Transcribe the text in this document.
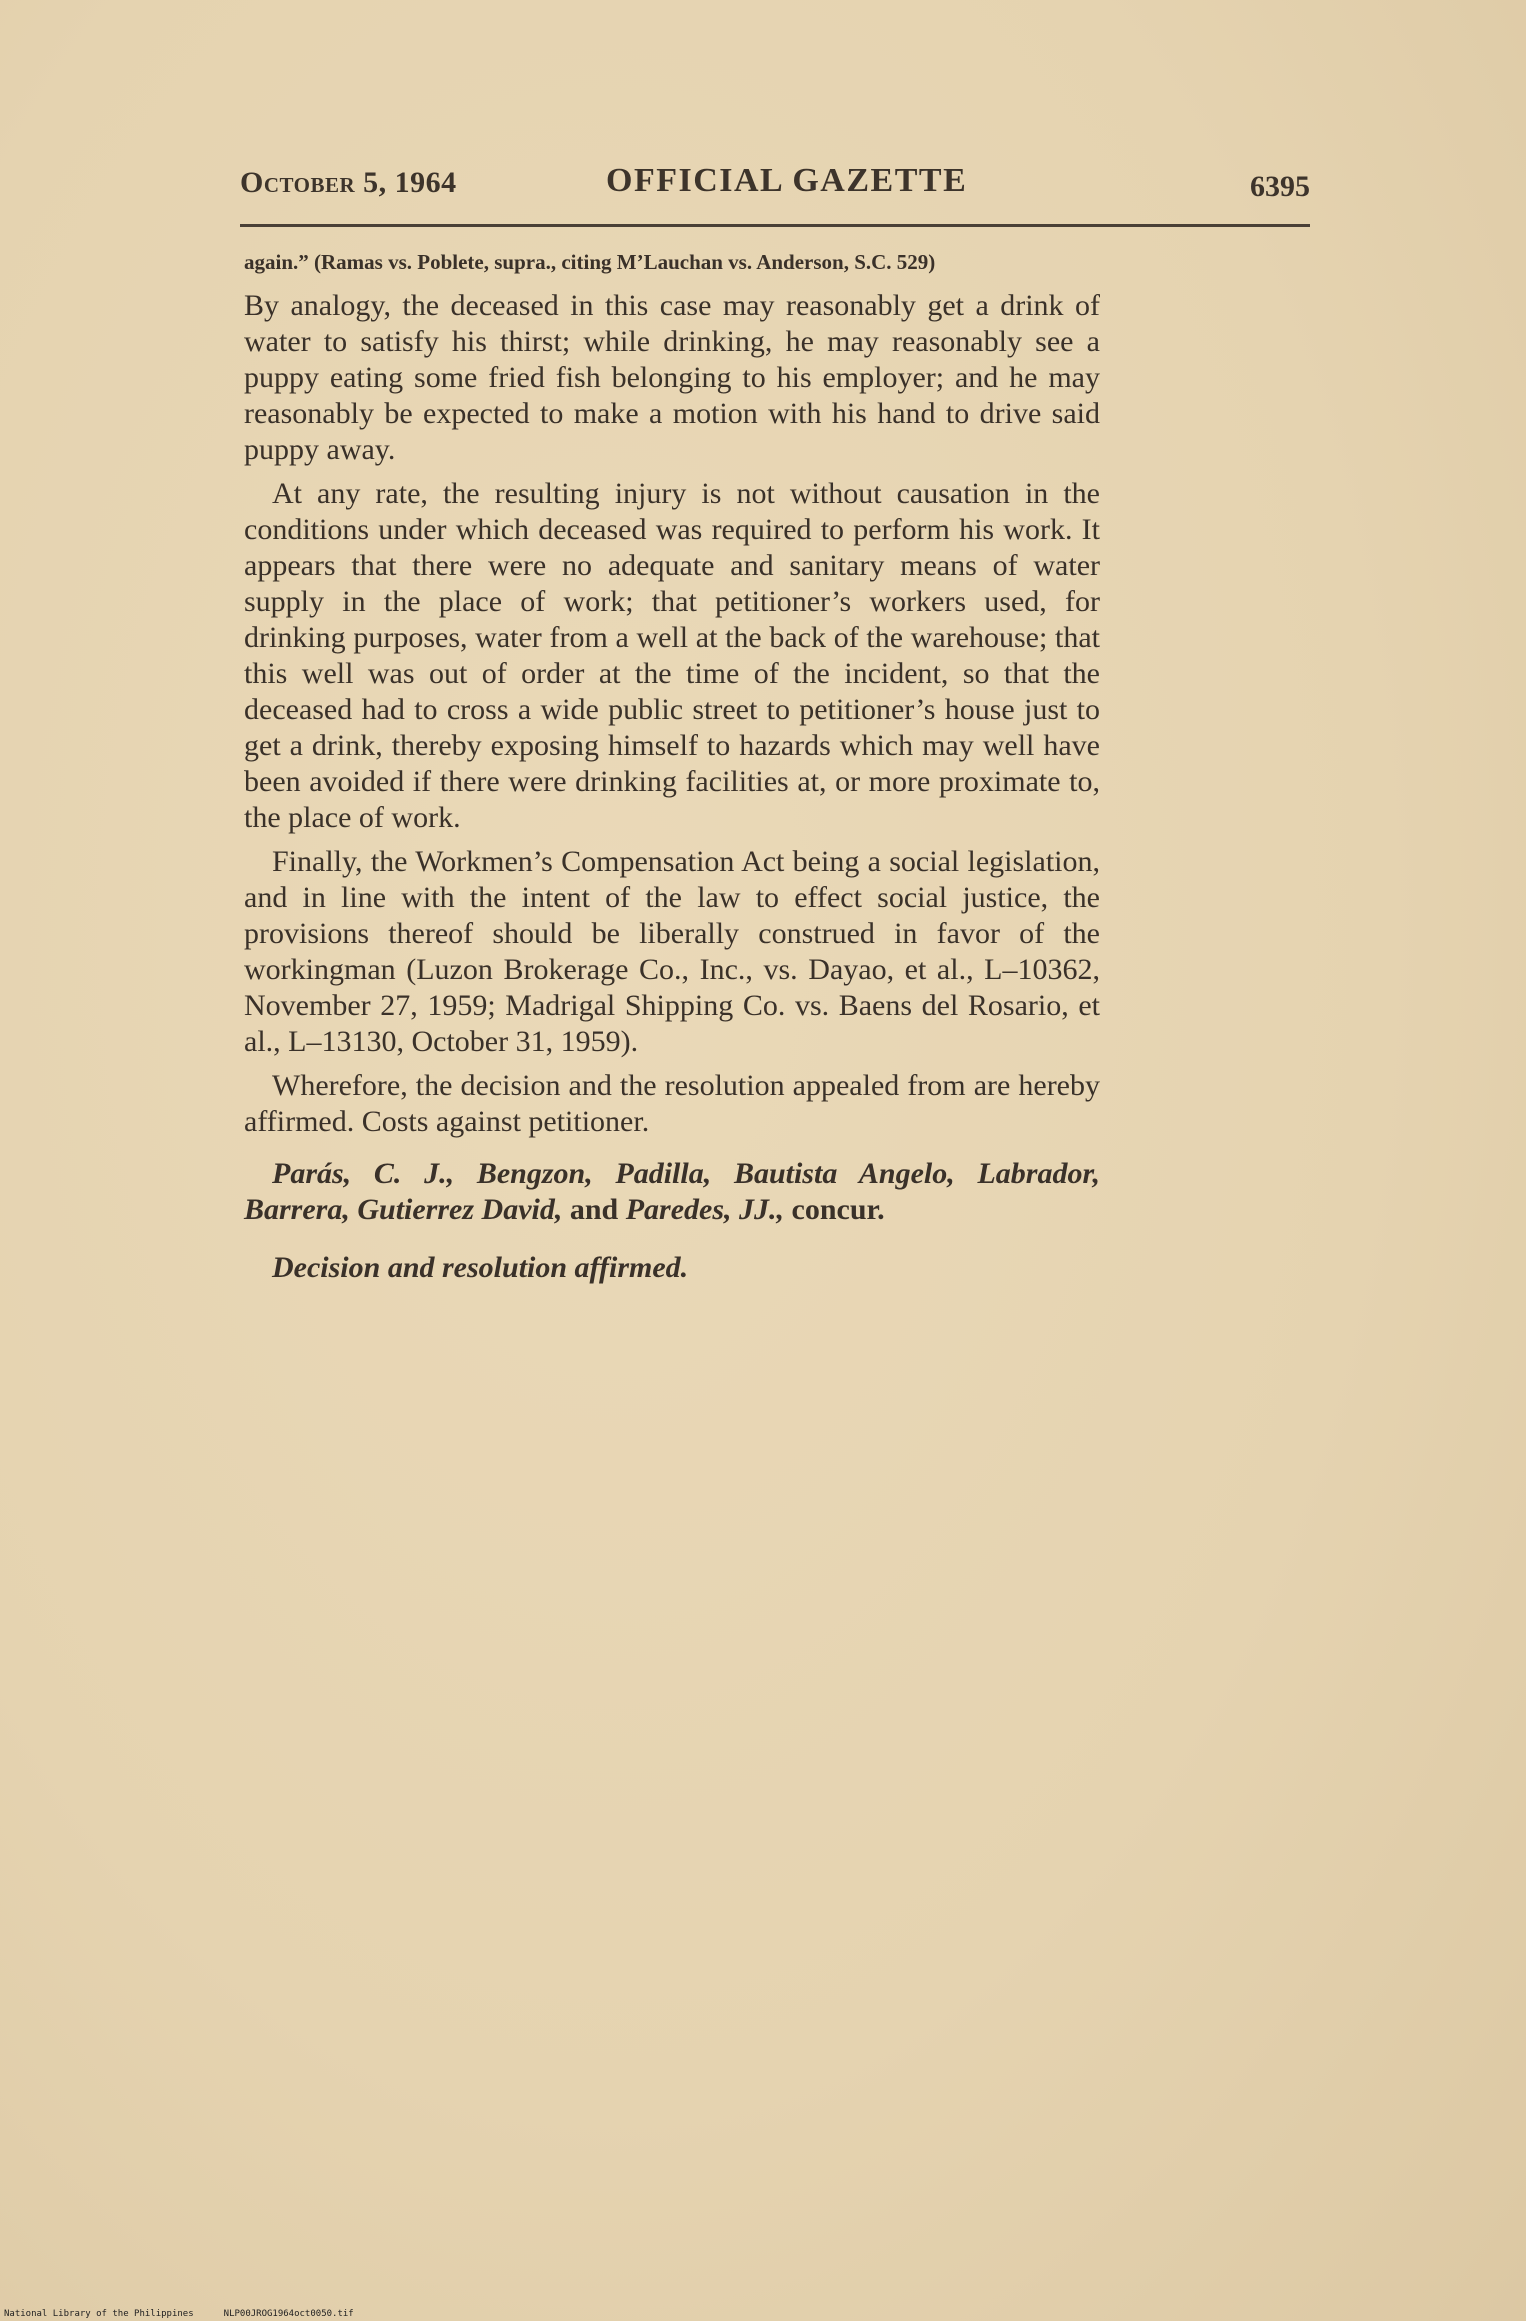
October 5, 1964	OFFICIAL GAZETTE	6395

again.” (Ramas vs. Poblete, supra., citing M’Lauchan vs. Anderson, S.C. 529)

By analogy, the deceased in this case may reasonably get a drink of water to satisfy his thirst; while drinking, he may reasonably see a puppy eating some fried fish belonging to his employer; and he may reasonably be expected to make a motion with his hand to drive said puppy away.

At any rate, the resulting injury is not without causation in the conditions under which deceased was required to perform his work. It appears that there were no adequate and sanitary means of water supply in the place of work; that petitioner’s workers used, for drinking purposes, water from a well at the back of the warehouse; that this well was out of order at the time of the incident, so that the deceased had to cross a wide public street to petitioner’s house just to get a drink, thereby exposing himself to hazards which may well have been avoided if there were drinking facilities at, or more proximate to, the place of work.

Finally, the Workmen’s Compensation Act being a social legislation, and in line with the intent of the law to effect social justice, the provisions thereof should be liberally construed in favor of the workingman (Luzon Brokerage Co., Inc., vs. Dayao, et al., L–10362, November 27, 1959; Madrigal Shipping Co. vs. Baens del Rosario, et al., L–13130, October 31, 1959).

Wherefore, the decision and the resolution appealed from are hereby affirmed. Costs against petitioner.

Parás, C. J., Bengzon, Padilla, Bautista Angelo, Labrador, Barrera, Gutierrez David, and Paredes, JJ., concur.

Decision and resolution affirmed.

National Library of the Philippines	NLP00JROG1964oct0050.tif
